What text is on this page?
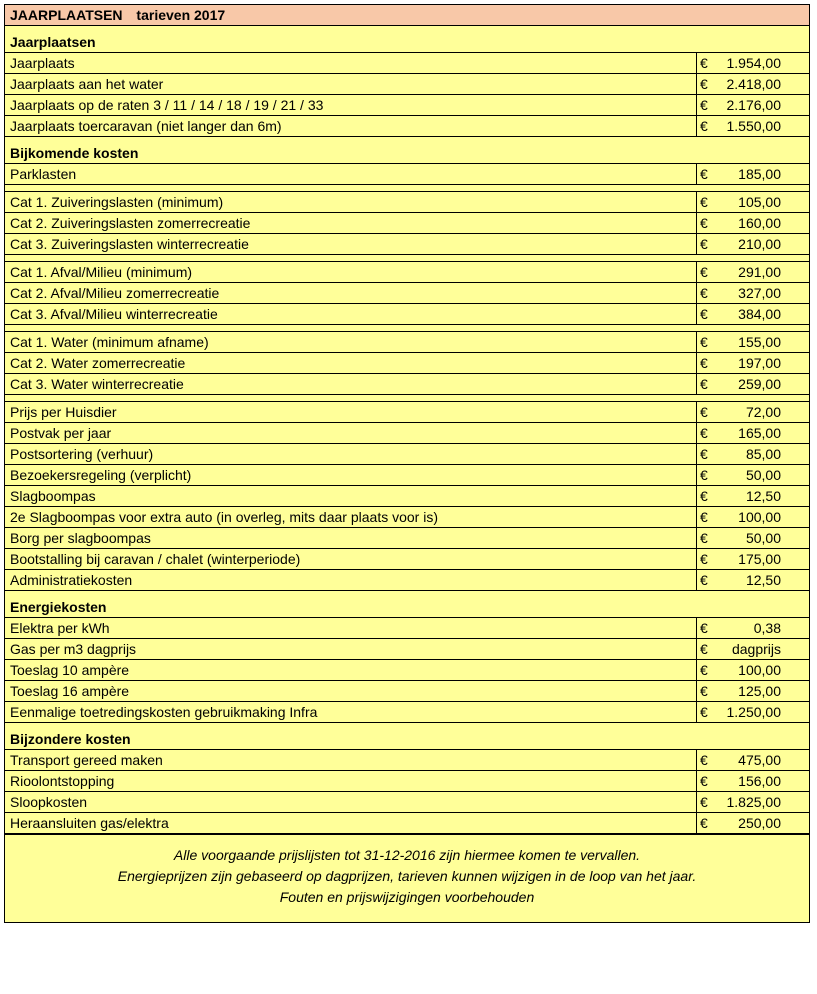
JAARPLAATSEN tarieven 2017
Jaarplaatsen
Jaarplaats	€	1.954,00
Jaarplaats aan het water	€	2.418,00
Jaarplaats op de raten 3 / 11 / 14 / 18 / 19 / 21 / 33	€	2.176,00
Jaarplaats toercaravan (niet langer dan 6m)	€	1.550,00
Bijkomende kosten
Parklasten	€	185,00
Cat 1. Zuiveringslasten (minimum)	€	105,00
Cat 2. Zuiveringslasten zomerrecreatie	€	160,00
Cat 3. Zuiveringslasten winterrecreatie	€	210,00
Cat 1. Afval/Milieu (minimum)	€	291,00
Cat 2. Afval/Milieu zomerrecreatie	€	327,00
Cat 3. Afval/Milieu winterrecreatie	€	384,00
Cat 1. Water (minimum afname)	€	155,00
Cat 2. Water zomerrecreatie	€	197,00
Cat 3. Water winterrecreatie	€	259,00
Prijs per Huisdier	€	72,00
Postvak per jaar	€	165,00
Postsortering (verhuur)	€	85,00
Bezoekersregeling (verplicht)	€	50,00
Slagboompas	€	12,50
2e Slagboompas voor extra auto (in overleg, mits daar plaats voor is)	€	100,00
Borg per slagboompas	€	50,00
Bootstalling bij caravan / chalet (winterperiode)	€	175,00
Administratiekosten	€	12,50
Energiekosten
Elektra per kWh	€	0,38
Gas per m3 dagprijs	€	dagprijs
Toeslag 10 ampère	€	100,00
Toeslag 16 ampère	€	125,00
Eenmalige toetredingskosten gebruikmaking Infra	€	1.250,00
Bijzondere kosten
Transport gereed maken	€	475,00
Rioolontstopping	€	156,00
Sloopkosten	€	1.825,00
Heraansluiten gas/elektra	€	250,00
Alle voorgaande prijslijsten tot 31-12-2016 zijn hiermee komen te vervallen.
Energieprijzen zijn gebaseerd op dagprijzen, tarieven kunnen wijzigen in de loop van het jaar.
Fouten en prijswijzigingen voorbehouden
